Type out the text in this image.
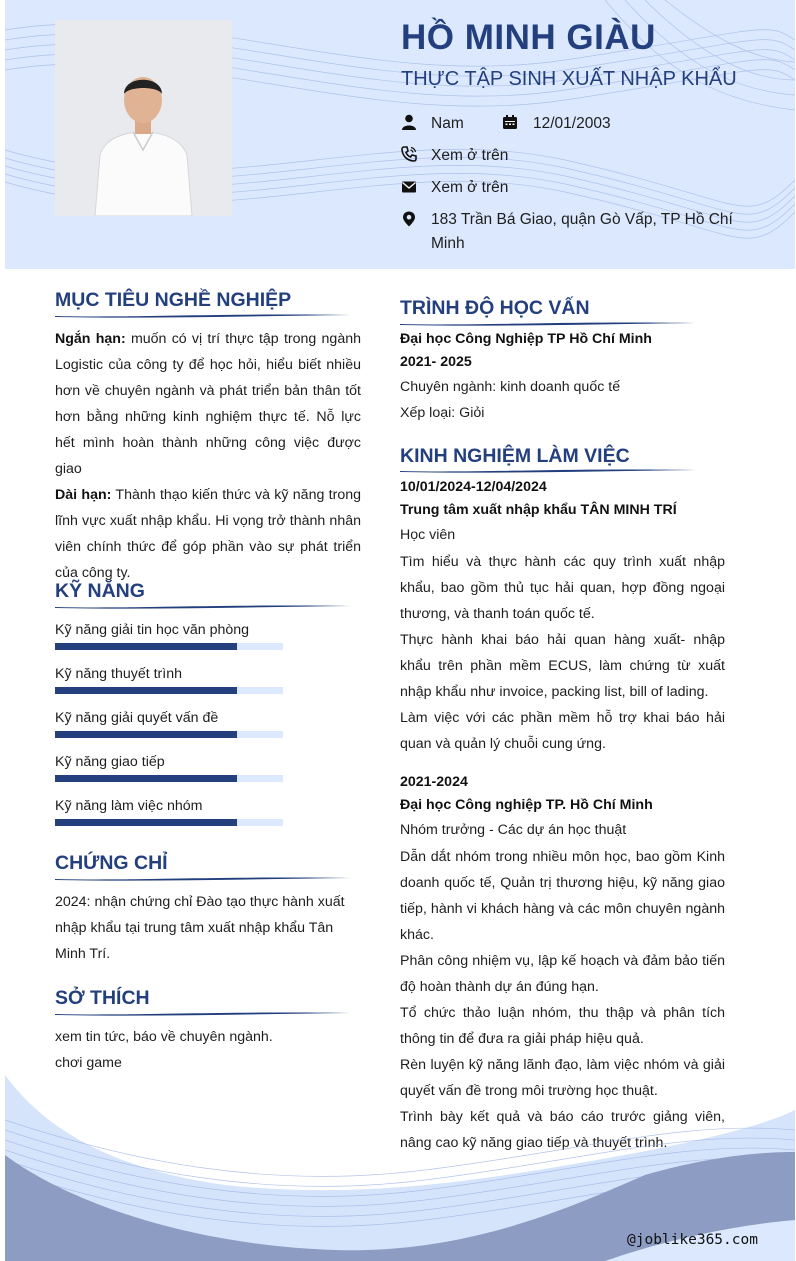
HỒ MINH GIÀU
THỰC TẬP SINH XUẤT NHẬP KHẨU
Nam	12/01/2003
Xem ở trên
Xem ở trên
183 Trần Bá Giao, quận Gò Vấp, TP Hồ Chí Minh
MỤC TIÊU NGHỀ NGHIỆP

Ngắn hạn: muốn có vị trí thực tập trong ngành Logistic của công ty để học hỏi, hiểu biết nhiều hơn về chuyên ngành và phát triển bản thân tốt hơn bằng những kinh nghiệm thực tế. Nỗ lực hết mình hoàn thành những công việc được giao

Dài hạn: Thành thạo kiến thức và kỹ năng trong lĩnh vực xuất nhập khẩu. Hi vọng trở thành nhân viên chính thức để góp phần vào sự phát triển của công ty.

KỸ NĂNG
Kỹ năng giải tin học văn phòng
Kỹ năng thuyết trình
Kỹ năng giải quyết vấn đề
Kỹ năng giao tiếp
Kỹ năng làm việc nhóm
CHỨNG CHỈ
2024: nhận chứng chỉ Đào tạo thực hành xuất nhập khẩu tại trung tâm xuất nhập khẩu Tân Minh Trí.
SỞ THÍCH

xem tin tức, báo về chuyên ngành.

chơi game

TRÌNH ĐỘ HỌC VẤN
Đại học Công Nghiệp TP Hồ Chí Minh
2021- 2025
Chuyên ngành: kinh doanh quốc tế
Xếp loại: Giỏi
KINH NGHIỆM LÀM VIỆC
10/01/2024-12/04/2024
Trung tâm xuất nhập khẩu TÂN MINH TRÍ
Học viên

Tìm hiểu và thực hành các quy trình xuất nhập khẩu, bao gồm thủ tục hải quan, hợp đồng ngoại thương, và thanh toán quốc tế.

Thực hành khai báo hải quan hàng xuất- nhập khẩu trên phần mềm ECUS, làm chứng từ xuất nhập khẩu như invoice, packing list, bill of lading.

Làm việc với các phần mềm hỗ trợ khai báo hải quan và quản lý chuỗi cung ứng.

2021-2024
Đại học Công nghiệp TP. Hồ Chí Minh
Nhóm trưởng - Các dự án học thuật

Dẫn dắt nhóm trong nhiều môn học, bao gồm Kinh doanh quốc tế, Quản trị thương hiệu, kỹ năng giao tiếp, hành vi khách hàng và các môn chuyên ngành khác.

Phân công nhiệm vụ, lập kế hoạch và đảm bảo tiến độ hoàn thành dự án đúng hạn.

Tổ chức thảo luận nhóm, thu thập và phân tích thông tin để đưa ra giải pháp hiệu quả.

Rèn luyện kỹ năng lãnh đạo, làm việc nhóm và giải quyết vấn đề trong môi trường học thuật.

Trình bày kết quả và báo cáo trước giảng viên, nâng cao kỹ năng giao tiếp và thuyết trình.

@joblike365.com
